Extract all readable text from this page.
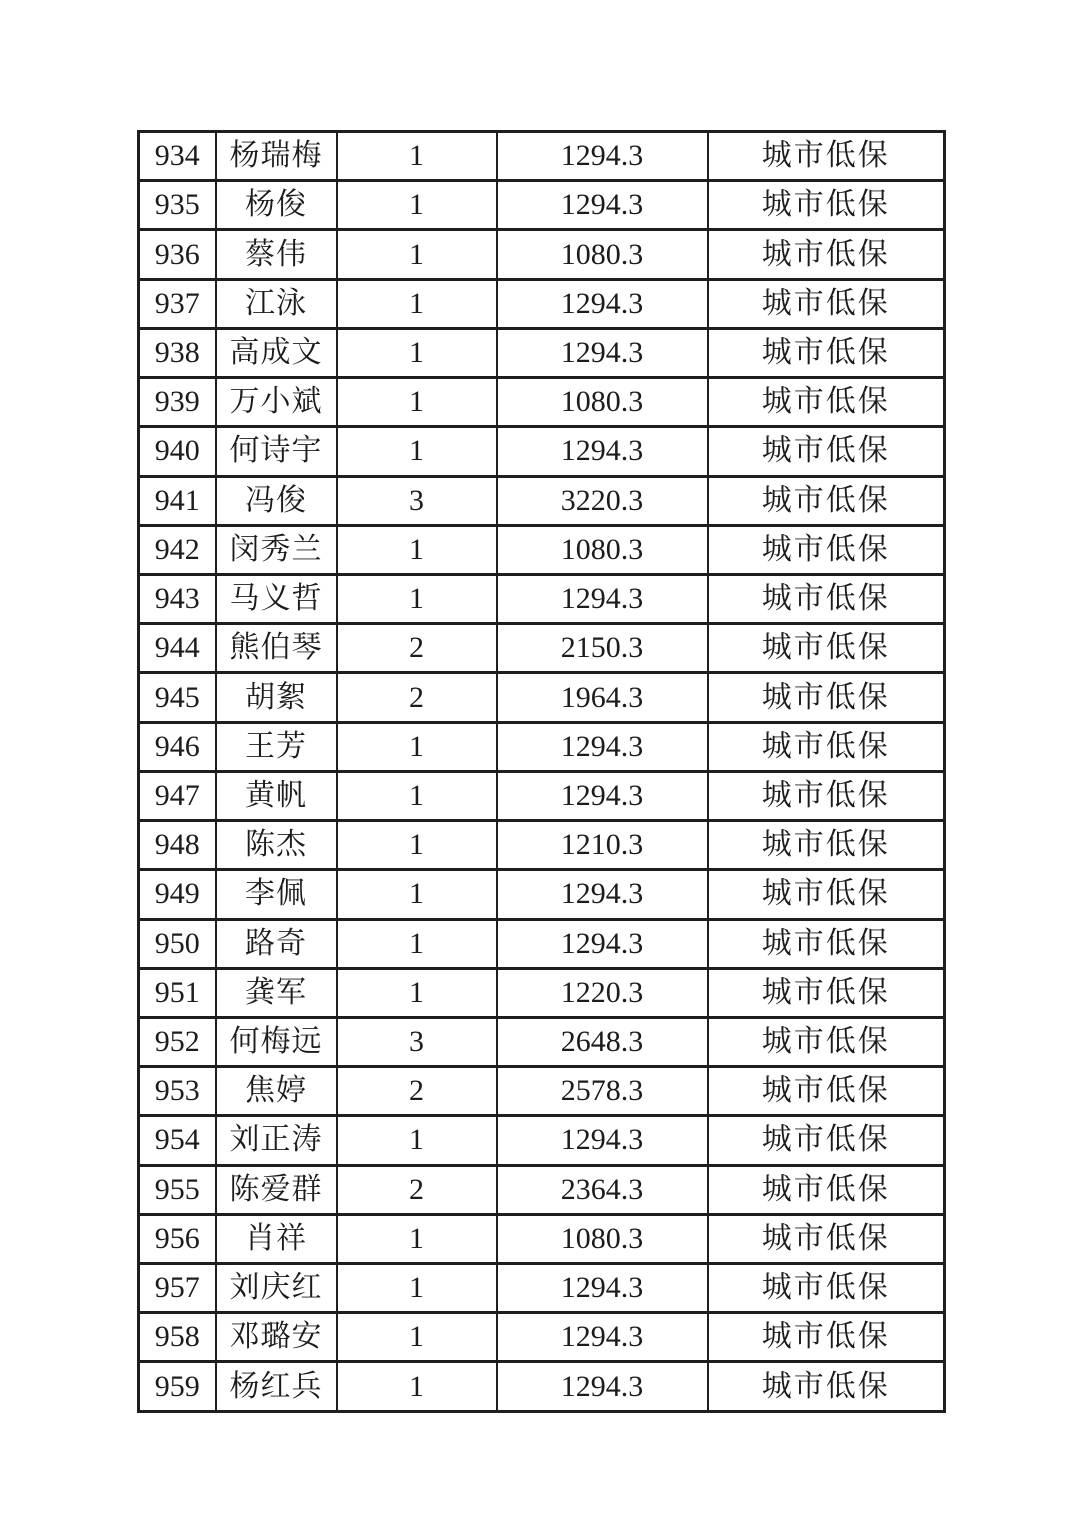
934	杨瑞梅	1	1294.3	城市低保
935	杨俊	1	1294.3	城市低保
936	蔡伟	1	1080.3	城市低保
937	江泳	1	1294.3	城市低保
938	高成文	1	1294.3	城市低保
939	万小斌	1	1080.3	城市低保
940	何诗宇	1	1294.3	城市低保
941	冯俊	3	3220.3	城市低保
942	闵秀兰	1	1080.3	城市低保
943	马义哲	1	1294.3	城市低保
944	熊伯琴	2	2150.3	城市低保
945	胡絮	2	1964.3	城市低保
946	王芳	1	1294.3	城市低保
947	黄帆	1	1294.3	城市低保
948	陈杰	1	1210.3	城市低保
949	李佩	1	1294.3	城市低保
950	路奇	1	1294.3	城市低保
951	龚军	1	1220.3	城市低保
952	何梅远	3	2648.3	城市低保
953	焦婷	2	2578.3	城市低保
954	刘正涛	1	1294.3	城市低保
955	陈爱群	2	2364.3	城市低保
956	肖祥	1	1080.3	城市低保
957	刘庆红	1	1294.3	城市低保
958	邓璐安	1	1294.3	城市低保
959	杨红兵	1	1294.3	城市低保
